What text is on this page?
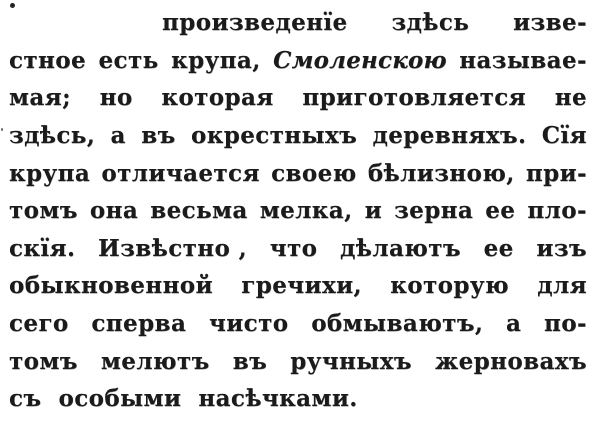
произведенїе здѣсь изве-
стное есть крупа, Смоленскою называе-
мая; но которая приготовляется не
здѣсь, а въ окрестныхъ деревняхъ. Сїя
крупа отличается своею бѣлизною, при-
томъ она весьма мелка, и зерна ее пло-
скїя. Извѣстно , что дѣлаютъ ее изъ
обыкновенной гречихи, которую для
сего сперва чисто обмываютъ, а по-
томъ мелютъ въ ручныхъ жерновахъ
съ особыми насѣчками.
